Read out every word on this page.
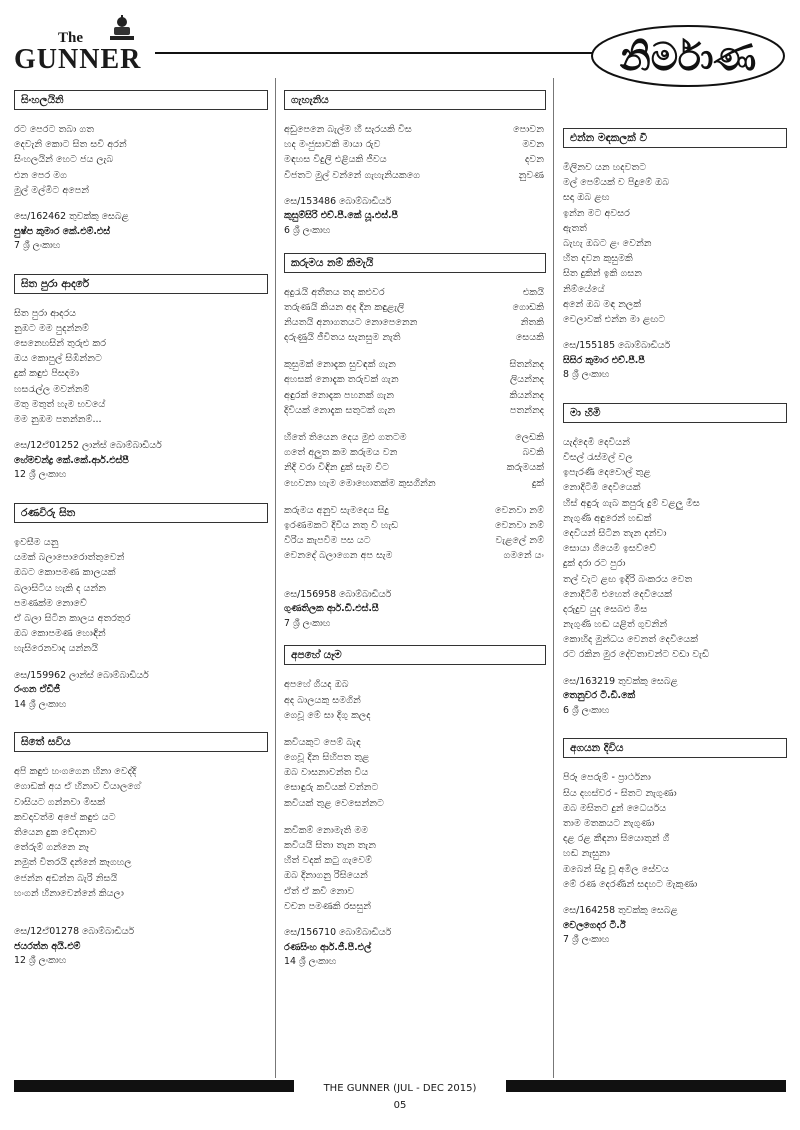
The
GUNNER	නිර්මාණ
සිංහලයිනි
රට පෙරට තබා ගත
දෙවැනි කොට සිත සවි අරන්
සිංහලයින් හෙට ජය ලැබ
එන පෙර මග
මුල් මල්මිට අපෙන්
සෙ/162462 තුවක්කු සෙබළ
පුෂ්ප කුමාර කේ.එම්.එස්
7 ශ්‍රී ලංකාහ
සිත පුරා ආදරේ
සිත පුරා ආදරය
නුඹට මම පුදන්නම්
සෙනෙහසින් තුරුළු කර
ඔය කොපුල් සිඹින්නට
දුක් කඳුළු පිසදමා
හසරැල්ල මවන්නම්
මතු මතුත් හැම භවයේ
මම නුඹම පතන්නම්...
සෙ/12ඒ01252 ලාන්ස් බොම්බාඩියර්
හේමචන්ද්‍ර කේ.කේ.ආර්.එස්පී
12 ශ්‍රී ලංකාහ
රණවිරු සිත
ඉවසීම යනු
යමක් බලාපොරොත්තුවෙන්
ඔබට කොපමණ කාලයක්
බලාසිටිය හැකි ද යන්න
පමණක්ම නොවේ
ඒ බලා සිටින කාලය අතරතුර
ඔබ කොපමණ හොඳින්
හැසිරෙනවාද යන්නයි
සෙ/159962 ලාන්ස් බොම්බාඩියර්
රංගන ඒඩීජී
14 ශ්‍රී ලංකාහ
සිතේ සවිය
අපි කඳුළු හංගගෙන හිනා වෙද්දි
ගොඩක් අය ඒ හිනාව වියාලගේ
වාසියට ගන්නවා මිසක්
කවදාවත්ම අපේ කඳුළු යට
තියෙන දුක වේදනාව
තේරුම් ගන්නෙ නෑ
නමුත් විතරයි දන්නේ කෑගහල
ජෙන්න අඩන්න බැරි නිසයි
හංගන් හිනාවෙන්නේ කියලා
සෙ/12ඒ01278 බොම්බාඩියර්
ජයරත්න අයි.එම්
12 ශ්‍රී ලංකාහ
ගැහැනිය
අඩුපෙනෙ බැල්ම හී සැරයකි විස	පොවන
හද මංජුසාවකි මායා රුව	මවන
මඳහස විදුලි එළියකි ජීවය	දවන
විජතට මුල් වන්නේ ගැහැනියකගෙ	නුවණ
සෙ/153486 බොම්බාඩියර්
කුසුම්සිරි එච්.පී.කේ යූ.එස්.පී
6 ශ්‍රී ලංකාහ
කරුමය නම් කිමැයි
අදුරැයි අතීතය තද කළුවර	එකයි
තරුණයි කියන අද දින කඳුළැලි	ගොඩකි
නියතයි අනාගතයට නොපෙනෙන	නිතකි
දරුණුයි ජීවිතය සැනසුම නැති	සෙයකි
කුසුමක් නොදැක සුවඳක් ගැන	සිතන්නද
අහසක් නොදැක තරුවක් ගැන	ලියන්නද
අඳුරක් නොදැක පහනක් ගැන	කියන්නද
දිවියක් නොදැක සතුටක් ගැන	පතන්නද
හිතේ තියෙන දෙය මුළු ගතටම	ලෙඩකි
ගතේ අලුත කම කරුමය වන	බවකි
නිදි වරා විඳින දුක් සැම විට	කරුමයක්
හෙවනා හැම මොහොතක්ම කුසගින්න	දුක්
කරුමය අනුව සැමදෙය සිදු	වෙනවා නම්
ඉරණමකට දිවිය නතු වී හැඩ	වෙනවා නම්
වීරිය කැපවීම පස යට	වැළලේ නම්
වෙනදේ බලාගෙන අප සැම	ගමනේ යං
සෙ/156958 බොම්බාඩියර්
ගුණතිලක ආර්.ඩී.එස්.සී
7 ශ්‍රී ලංකාහ
අපහේ යෑම
අපහේ ගියද ඔබ
අද බාලයකු සමගින්
ගෙවූ මේ සා දිගු කලද
කවියකුට පෙම් බැඳ
ගෙවූ දින සිහිපත තුළ
ඔබ වාසනාවන්ත විය
සොඳුරු කවියක් වන්නට
කවියක් තුළ වෙසෙන්නට
කවිකම් නොමැති මම
කවියයි සිතා තැන තැන
හිත් වදක් කටු ගැවෙම්
ඔබ දිනාගනු රිසියෙන්
ඒත් ඒ කවි නොව
වචන පමණකි රසසුන්
සෙ/156710 බොම්බාඩියර්
රණසිංහ ආර්.ජී.පී.එල්
14 ශ්‍රී ලංකාහ
එන්න මඳකලක් වී
මිලිනව යන හදවතට
මල් පෙම්යක් ව පිදුමේ ඔබ
සදා ඔබ ළඟ
ඉන්න මට අවසර
ඇතත්
බැහැ ඔබට ළං වෙන්න
හිත දවන කුසුමකි
සිත දුකින් ඉකි ගසන
නිම්යේයේ
අනේ ඔබ මඳ නලක්
වෙලාවක් එන්න මා ළඟට
සෙ/155185 බොම්බාඩියර්
සිසිර කුමාර එච්.පී.පී
8 ශ්‍රී ලංකාහ
මා හිමි
යැද්දෙමි දෙවියන්
විසල් රැස්මල් වල
ඉපැරණි දෙවොල් තුළ
නොදිටිමි දෙවියෙක්
හිස් අඳුරු ගැබ කපුරු දුම් වළලු මිස
නැගුණි අඳුරෙන් හඬක්
දෙවියන් සිටින තැන දන්වා
සොයා ගියෙමි ඉසව්වේ
දුක් දරා රට පුරා
තල් වැට ළඟ ඉදිරි බංකරය වෙත
නොදිටිමි එහෙත් දෙවියෙක්
දරුදුව යුද සෙබළු මිස
නැගුණි හඬ යළිත් ගුවනින්
කොහිද මුන්ධය වෙනත් දෙවියෙක්
රට රකින මුර දේවතාවන්ට වඩා වැඩි
සෙ/163219 තුවක්කු සෙබළ
තෙනුවර ටී.ඩී.කේ
6 ශ්‍රී ලංකාහ
අගයන දිවිය
පිරූ පෙරුම් - ප්‍රාර්ථනා
සිය දහස්වර - සිතට නැගුණා
ඔබ මසිතට දුන් ධෛර්යය
තාම මතකයට නැගුණා
දළ රළ කීඳනා සියොතුන් ගී
හඬ නැසුනා
ඔබෙන් සිදු වූ අමිල සේවය
මේ රණ දෙරණින් සදහට මැකුණා
සෙ/164258 තුවක්කු සෙබළ
වෙලගෙදර ටී.ඊ
7 ශ්‍රී ලංකාහ
THE GUNNER (JUL - DEC 2015)
05
